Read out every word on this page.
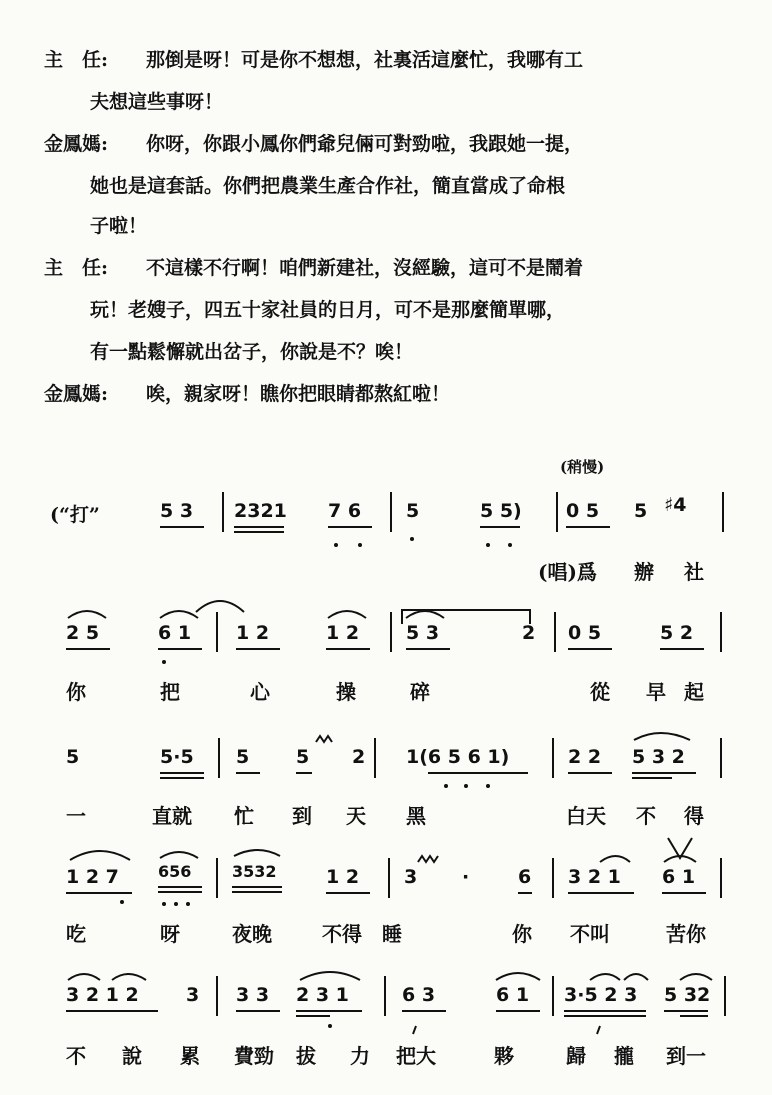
主　任: 那倒是呀！可是你不想想，社裏活這麼忙，我哪有工
夫想這些事呀！
金鳳媽: 你呀，你跟小鳳你們爺兒倆可對勁啦，我跟她一提，
她也是這套話。你們把農業生產合作社，簡直當成了命根
子啦！
主　任: 不這樣不行啊！咱們新建社，沒經驗，這可不是鬧着
玩！老嫂子，四五十家社員的日月，可不是那麼簡單哪，
有一點鬆懈就出岔子，你說是不？唉！
金鳳媽: 唉，親家呀！瞧你把眼睛都熬紅啦！
(稍慢)
(“打”	5 3 2321 7 6 5	5 5) 0 5 5 ♯4
(唱)爲 辦 社
2 5	6 1 1 2	1 2 5 3	2 0 5	5 2
你	把	心	操	碎	從 早 起
5	5·5 5 5 2 1(6 5 6 1)	2 2 5 3 2
一	直就 忙 到 天 黑	白天 不 得
1 2 7 656	3532	1 2 3 ·	6 3 2 1 6 1
吃	呀	夜晚	不得 睡	你 不叫	苦你
3 2 1 2 3 3 3 2 3 1	6 3	6 1 3·5 2 3 5 32
不 說 累 費勁 拔 力 把大	夥	歸 攏 到一
